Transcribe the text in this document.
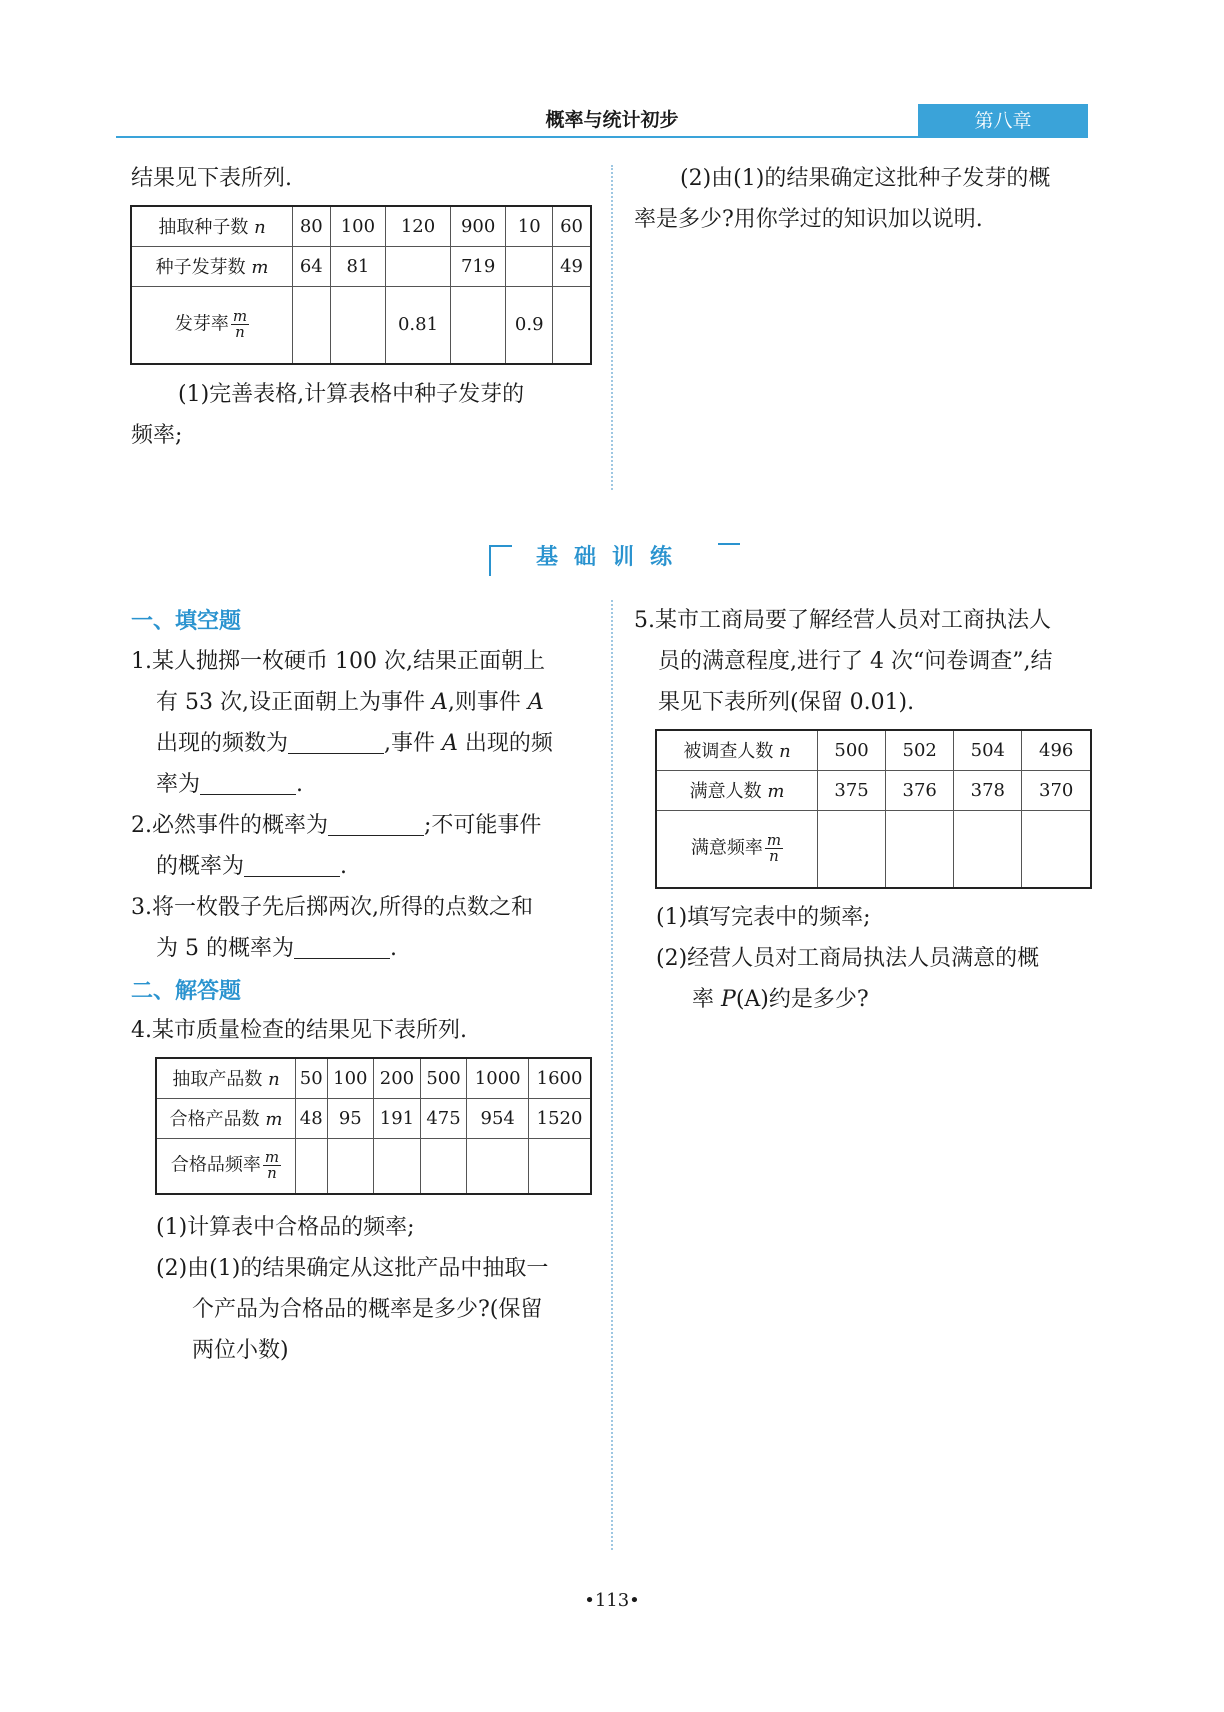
概率与统计初步	第八章
结果见下表所列.
抽取种子数 n	80	100	120	900	10	60
种子发芽数 m	64	81		719		49
发芽率 $\frac{m}{n}$			0.81		0.9	
(1)完善表格,计算表格中种子发芽的
频率;
(2)由(1)的结果确定这批种子发芽的概
率是多少?用你学过的知识加以说明.
基础训练
一、填空题
1.某人抛掷一枚硬币 100 次,结果正面朝上
有 53 次,设正面朝上为事件 A,则事件 A
出现的频数为	,事件 A 出现的频
率为	.
2.必然事件的概率为	;不可能事件
的概率为	.
3.将一枚骰子先后掷两次,所得的点数之和
为 5 的概率为	.
二、解答题
4.某市质量检查的结果见下表所列.
抽取产品数 n	50	100	200	500	1000	1600
合格产品数 m	48	95	191	475	954	1520
合格品频率 $\frac{m}{n}$

(1)计算表中合格品的频率;
(2)由(1)的结果确定从这批产品中抽取一
个产品为合格品的概率是多少?(保留
两位小数)
5.某市工商局要了解经营人员对工商执法人
员的满意程度,进行了 4 次“问卷调查”,结
果见下表所列(保留 0.01).
被调查人数 n	500	502	504	496
满意人数 m	375	376	378	370
满意频率 $\frac{m}{n}$

(1)填写完表中的频率;
(2)经营人员对工商局执法人员满意的概
率 P(A)约是多少?
•113•
